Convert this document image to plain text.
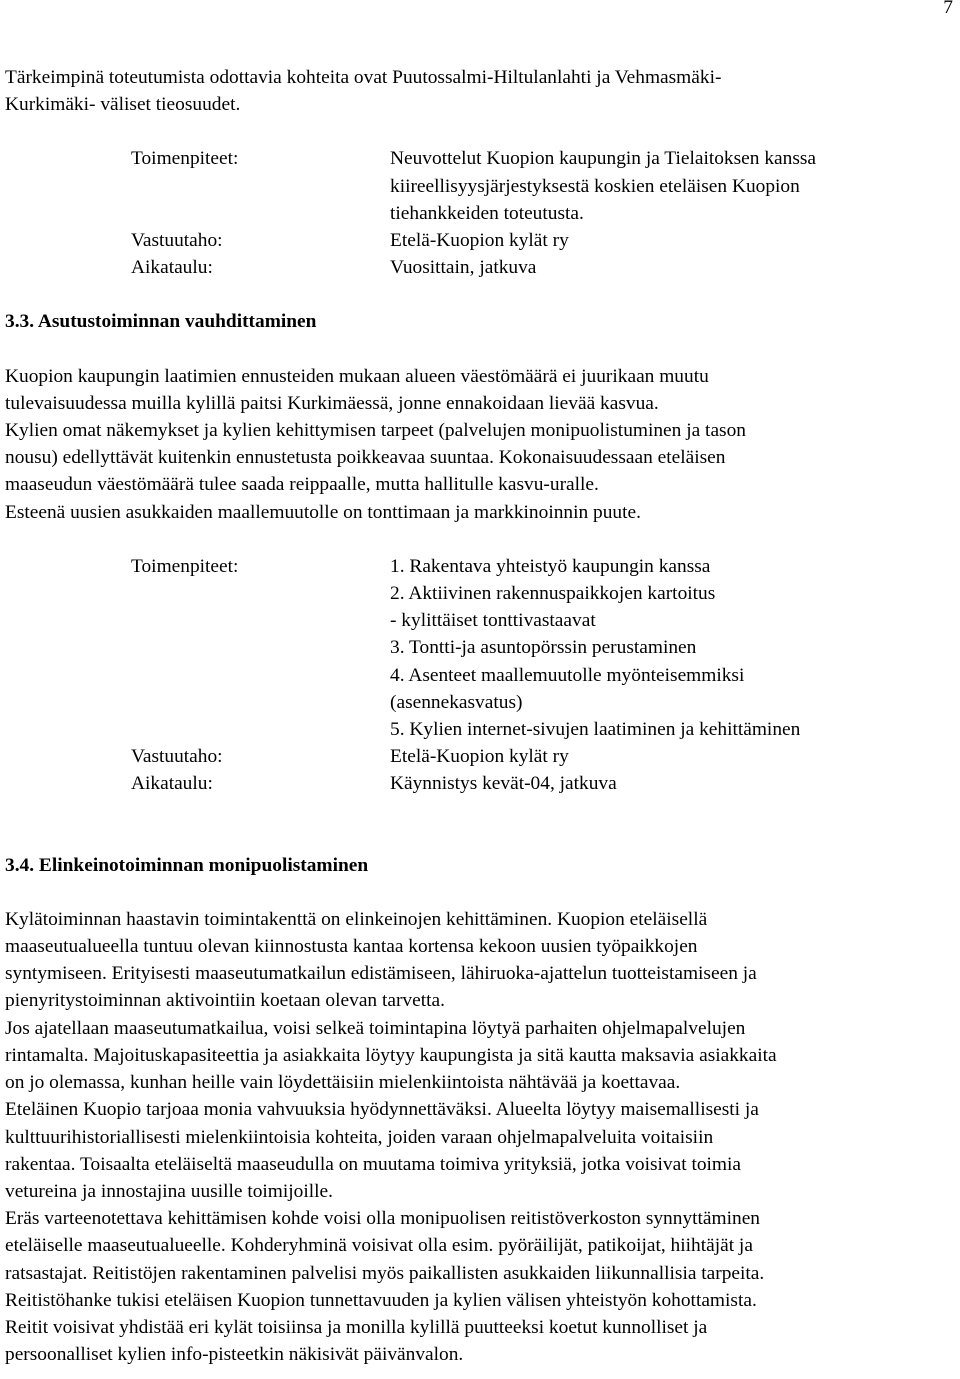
7

Tärkeimpinä toteutumista odottavia kohteita ovat Puutossalmi-Hiltulanlahti ja Vehmasmäki-

Kurkimäki- väliset tieosuudet.

Toimenpiteet:	Neuvottelut Kuopion kaupungin ja Tielaitoksen kanssa
kiireellisyysjärjestyksestä koskien eteläisen Kuopion
tiehankkeiden toteutusta.
Vastuutaho:	Etelä-Kuopion kylät ry
Aikataulu:	Vuosittain, jatkuva
3.3. Asutustoiminnan vauhdittaminen

Kuopion kaupungin laatimien ennusteiden mukaan alueen väestömäärä ei juurikaan muutu

tulevaisuudessa muilla kylillä paitsi Kurkimäessä, jonne ennakoidaan lievää kasvua.

Kylien omat näkemykset ja kylien kehittymisen tarpeet (palvelujen monipuolistuminen ja tason

nousu) edellyttävät kuitenkin ennustetusta poikkeavaa suuntaa. Kokonaisuudessaan eteläisen

maaseudun väestömäärä tulee saada reippaalle, mutta hallitulle kasvu-uralle.

Esteenä uusien asukkaiden maallemuutolle on tonttimaan ja markkinoinnin puute.

Toimenpiteet:	1. Rakentava yhteistyö kaupungin kanssa
2. Aktiivinen rakennuspaikkojen kartoitus
- kylittäiset tonttivastaavat
3. Tontti-ja asuntopörssin perustaminen
4. Asenteet maallemuutolle myönteisemmiksi
(asennekasvatus)
5. Kylien internet-sivujen laatiminen ja kehittäminen
Vastuutaho:	Etelä-Kuopion kylät ry
Aikataulu:	Käynnistys kevät-04, jatkuva
3.4. Elinkeinotoiminnan monipuolistaminen

Kylätoiminnan haastavin toimintakenttä on elinkeinojen kehittäminen. Kuopion eteläisellä

maaseutualueella tuntuu olevan kiinnostusta kantaa kortensa kekoon uusien työpaikkojen

syntymiseen. Erityisesti maaseutumatkailun edistämiseen, lähiruoka-ajattelun tuotteistamiseen ja

pienyritystoiminnan aktivointiin koetaan olevan tarvetta.

Jos ajatellaan maaseutumatkailua, voisi selkeä toimintapina löytyä parhaiten ohjelmapalvelujen

rintamalta. Majoituskapasiteettia ja asiakkaita löytyy kaupungista ja sitä kautta maksavia asiakkaita

on jo olemassa, kunhan heille vain löydettäisiin mielenkiintoista nähtävää ja koettavaa.

Eteläinen Kuopio tarjoaa monia vahvuuksia hyödynnettäväksi. Alueelta löytyy maisemallisesti ja

kulttuurihistoriallisesti mielenkiintoisia kohteita, joiden varaan ohjelmapalveluita voitaisiin

rakentaa. Toisaalta eteläiseltä maaseudulla on muutama toimiva yrityksiä, jotka voisivat toimia

vetureina ja innostajina uusille toimijoille.

Eräs varteenotettava kehittämisen kohde voisi olla monipuolisen reitistöverkoston synnyttäminen

eteläiselle maaseutualueelle. Kohderyhminä voisivat olla esim. pyöräilijät, patikoijat, hiihtäjät ja

ratsastajat. Reitistöjen rakentaminen palvelisi myös paikallisten asukkaiden liikunnallisia tarpeita.

Reitistöhanke tukisi eteläisen Kuopion tunnettavuuden ja kylien välisen yhteistyön kohottamista.

Reitit voisivat yhdistää eri kylät toisiinsa ja monilla kylillä puutteeksi koetut kunnolliset ja

persoonalliset kylien info-pisteetkin näkisivät päivänvalon.
